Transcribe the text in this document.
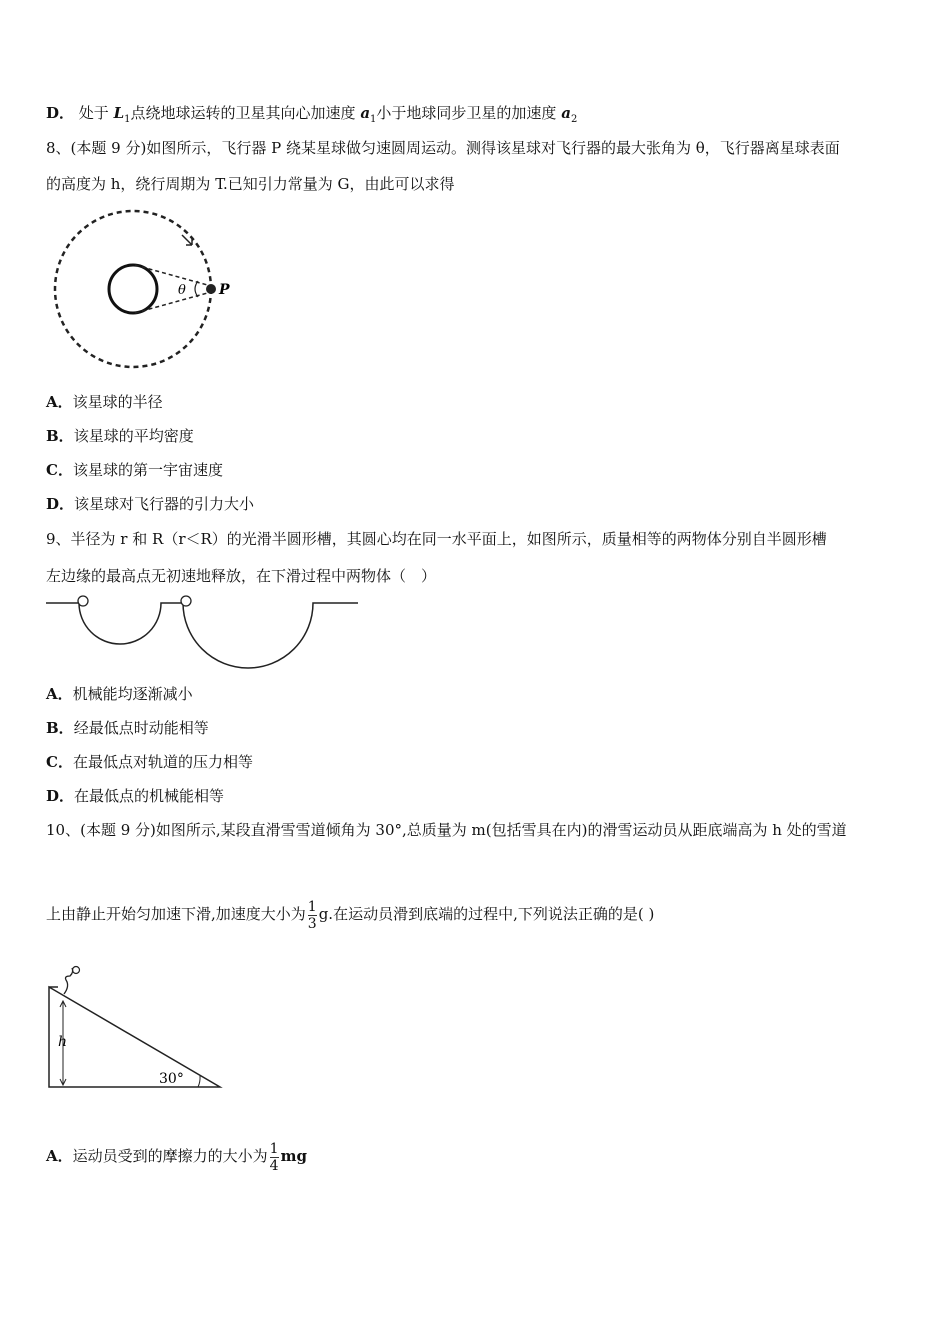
D． 处于 $L_1$点绕地球运转的卫星其向心加速度 $a_1$小于地球同步卫星的加速度 $a_2$
8、(本题 9 分)如图所示，飞行器 P 绕某星球做匀速圆周运动。测得该星球对飞行器的最大张角为 θ，飞行器离星球表面
的高度为 h，绕行周期为 T.已知引力常量为 G，由此可以求得
θ P
A．该星球的半径
B．该星球的平均密度
C．该星球的第一宇宙速度
D．该星球对飞行器的引力大小
9、半径为 r 和 R（r＜R）的光滑半圆形槽，其圆心均在同一水平面上，如图所示，质量相等的两物体分别自半圆形槽
左边缘的最高点无初速地释放，在下滑过程中两物体（　）
A．机械能均逐渐减小
B．经最低点时动能相等
C．在最低点对轨道的压力相等
D．在最低点的机械能相等
10、(本题 9 分)如图所示,某段直滑雪雪道倾角为 30°,总质量为 m(包括雪具在内)的滑雪运动员从距底端高为 h 处的雪道
上由静止开始匀加速下滑,加速度大小为 $\frac{1}{3} g$.在运动员滑到底端的过程中,下列说法正确的是( )
h
30°
A．运动员受到的摩擦力的大小为 $\frac{1}{4}$ mg
